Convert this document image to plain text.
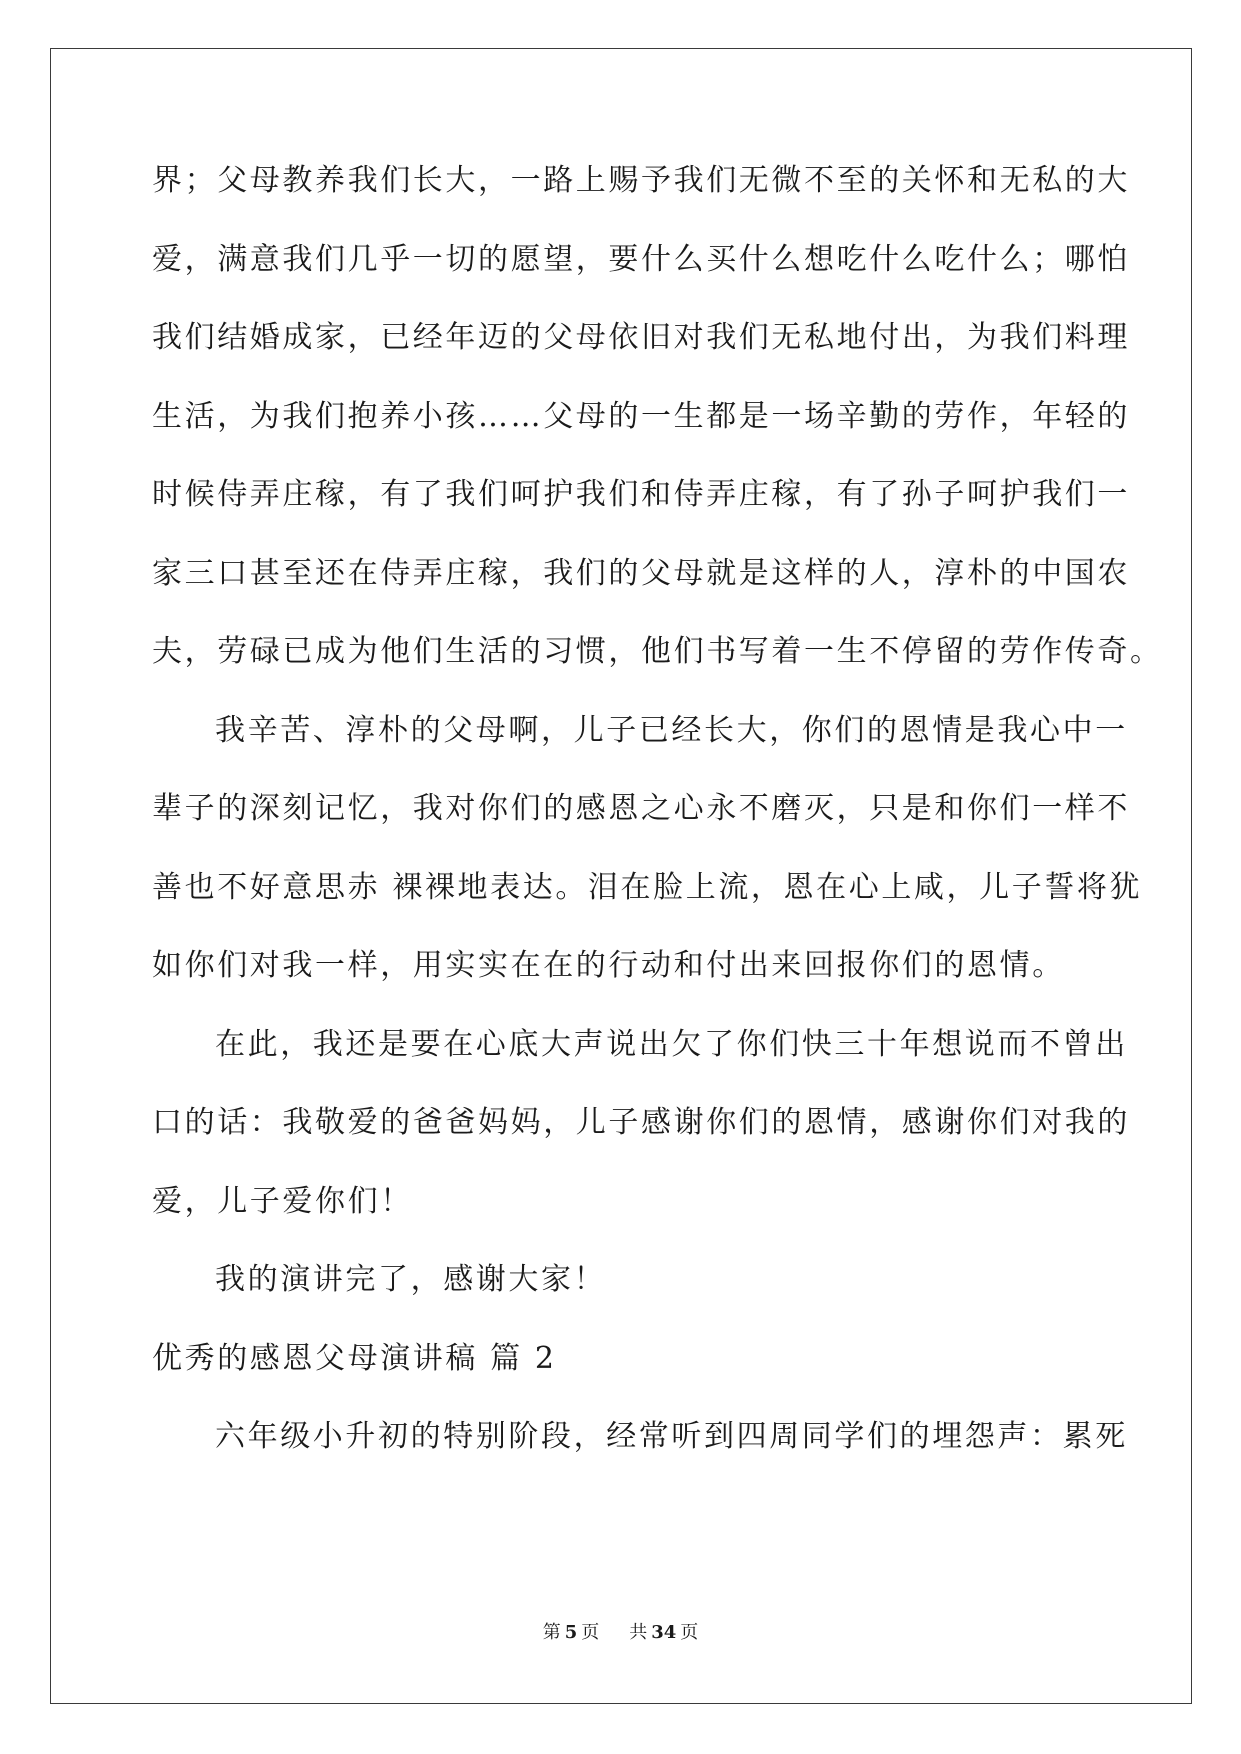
界；父母教养我们长大，一路上赐予我们无微不至的关怀和无私的大
爱，满意我们几乎一切的愿望，要什么买什么想吃什么吃什么；哪怕
我们结婚成家，已经年迈的父母依旧对我们无私地付出，为我们料理
生活，为我们抱养小孩……父母的一生都是一场辛勤的劳作，年轻的
时候侍弄庄稼，有了我们呵护我们和侍弄庄稼，有了孙子呵护我们一
家三口甚至还在侍弄庄稼，我们的父母就是这样的人，淳朴的中国农
夫，劳碌已成为他们生活的习惯，他们书写着一生不停留的劳作传奇。
我辛苦、淳朴的父母啊，儿子已经长大，你们的恩情是我心中一
辈子的深刻记忆，我对你们的感恩之心永不磨灭，只是和你们一样不
善也不好意思赤 裸裸地表达。泪在脸上流，恩在心上咸，儿子誓将犹
如你们对我一样，用实实在在的行动和付出来回报你们的恩情。
在此，我还是要在心底大声说出欠了你们快三十年想说而不曾出
口的话：我敬爱的爸爸妈妈，儿子感谢你们的恩情，感谢你们对我的
爱，儿子爱你们！
我的演讲完了，感谢大家！
优秀的感恩父母演讲稿 篇 2
六年级小升初的特别阶段，经常听到四周同学们的埋怨声：累死
第 5 页 共 34 页
